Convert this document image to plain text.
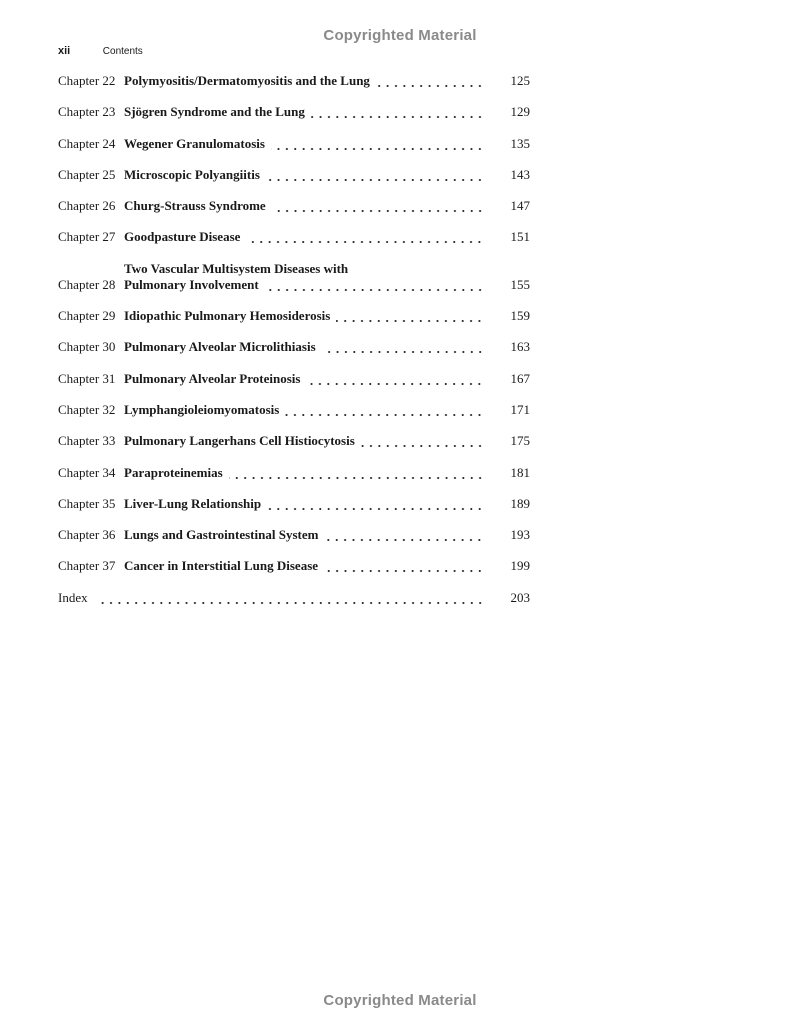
Copyrighted Material
xii	Contents
Chapter 22 Polymyositis/Dermatomyositis and the Lung	125
Chapter 23 Sjögren Syndrome and the Lung	129
Chapter 24 Wegener Granulomatosis	135
Chapter 25 Microscopic Polyangiitis	143
Chapter 26 Churg-Strauss Syndrome	147
Chapter 27 Goodpasture Disease	151
Chapter 28
Two Vascular Multisystem Diseases with
Pulmonary Involvement	155
Chapter 29 Idiopathic Pulmonary Hemosiderosis	159
Chapter 30 Pulmonary Alveolar Microlithiasis	163
Chapter 31 Pulmonary Alveolar Proteinosis	167
Chapter 32 Lymphangioleiomyomatosis	171
Chapter 33 Pulmonary Langerhans Cell Histiocytosis	175
Chapter 34 Paraproteinemias	181
Chapter 35 Liver-Lung Relationship	189
Chapter 36 Lungs and Gastrointestinal System	193
Chapter 37 Cancer in Interstitial Lung Disease	199
Index	203
Copyrighted Material
